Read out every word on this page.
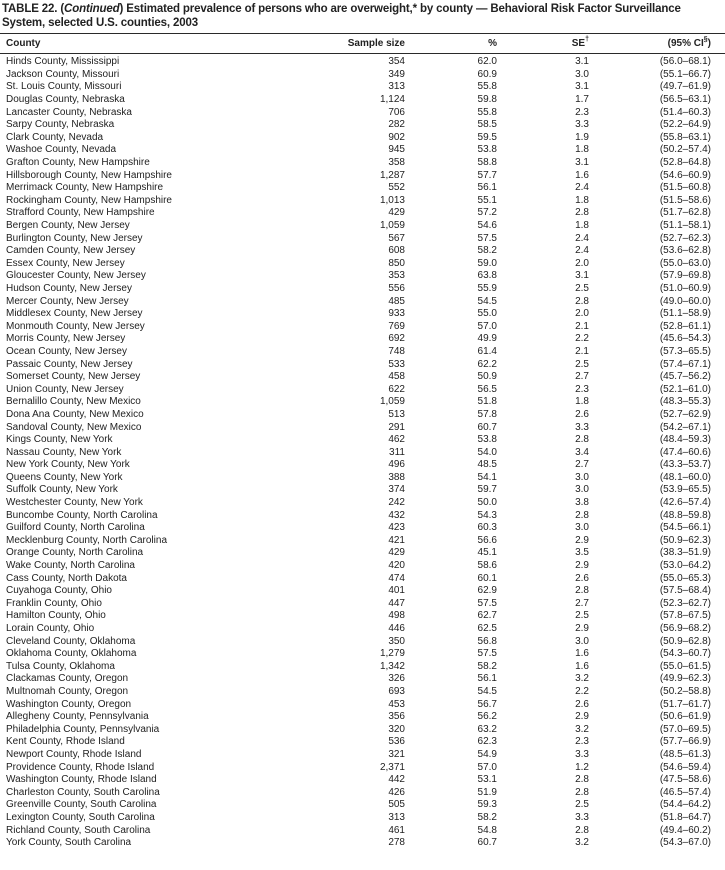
TABLE 22. (Continued) Estimated prevalence of persons who are overweight,* by county — Behavioral Risk Factor Surveillance
System, selected U.S. counties, 2003
County	Sample size	%	SE†	(95% CI§)
Hinds County, Mississippi	354	62.0	3.1	(56.0–68.1)
Jackson County, Missouri	349	60.9	3.0	(55.1–66.7)
St. Louis County, Missouri	313	55.8	3.1	(49.7–61.9)
Douglas County, Nebraska	1,124	59.8	1.7	(56.5–63.1)
Lancaster County, Nebraska	706	55.8	2.3	(51.4–60.3)
Sarpy County, Nebraska	282	58.5	3.3	(52.2–64.9)
Clark County, Nevada	902	59.5	1.9	(55.8–63.1)
Washoe County, Nevada	945	53.8	1.8	(50.2–57.4)
Grafton County, New Hampshire	358	58.8	3.1	(52.8–64.8)
Hillsborough County, New Hampshire	1,287	57.7	1.6	(54.6–60.9)
Merrimack County, New Hampshire	552	56.1	2.4	(51.5–60.8)
Rockingham County, New Hampshire	1,013	55.1	1.8	(51.5–58.6)
Strafford County, New Hampshire	429	57.2	2.8	(51.7–62.8)
Bergen County, New Jersey	1,059	54.6	1.8	(51.1–58.1)
Burlington County, New Jersey	567	57.5	2.4	(52.7–62.3)
Camden County, New Jersey	608	58.2	2.4	(53.6–62.8)
Essex County, New Jersey	850	59.0	2.0	(55.0–63.0)
Gloucester County, New Jersey	353	63.8	3.1	(57.9–69.8)
Hudson County, New Jersey	556	55.9	2.5	(51.0–60.9)
Mercer County, New Jersey	485	54.5	2.8	(49.0–60.0)
Middlesex County, New Jersey	933	55.0	2.0	(51.1–58.9)
Monmouth County, New Jersey	769	57.0	2.1	(52.8–61.1)
Morris County, New Jersey	692	49.9	2.2	(45.6–54.3)
Ocean County, New Jersey	748	61.4	2.1	(57.3–65.5)
Passaic County, New Jersey	533	62.2	2.5	(57.4–67.1)
Somerset County, New Jersey	458	50.9	2.7	(45.7–56.2)
Union County, New Jersey	622	56.5	2.3	(52.1–61.0)
Bernalillo County, New Mexico	1,059	51.8	1.8	(48.3–55.3)
Dona Ana County, New Mexico	513	57.8	2.6	(52.7–62.9)
Sandoval County, New Mexico	291	60.7	3.3	(54.2–67.1)
Kings County, New York	462	53.8	2.8	(48.4–59.3)
Nassau County, New York	311	54.0	3.4	(47.4–60.6)
New York County, New York	496	48.5	2.7	(43.3–53.7)
Queens County, New York	388	54.1	3.0	(48.1–60.0)
Suffolk County, New York	374	59.7	3.0	(53.9–65.5)
Westchester County, New York	242	50.0	3.8	(42.6–57.4)
Buncombe County, North Carolina	432	54.3	2.8	(48.8–59.8)
Guilford County, North Carolina	423	60.3	3.0	(54.5–66.1)
Mecklenburg County, North Carolina	421	56.6	2.9	(50.9–62.3)
Orange County, North Carolina	429	45.1	3.5	(38.3–51.9)
Wake County, North Carolina	420	58.6	2.9	(53.0–64.2)
Cass County, North Dakota	474	60.1	2.6	(55.0–65.3)
Cuyahoga County, Ohio	401	62.9	2.8	(57.5–68.4)
Franklin County, Ohio	447	57.5	2.7	(52.3–62.7)
Hamilton County, Ohio	498	62.7	2.5	(57.8–67.5)
Lorain County, Ohio	446	62.5	2.9	(56.9–68.2)
Cleveland County, Oklahoma	350	56.8	3.0	(50.9–62.8)
Oklahoma County, Oklahoma	1,279	57.5	1.6	(54.3–60.7)
Tulsa County, Oklahoma	1,342	58.2	1.6	(55.0–61.5)
Clackamas County, Oregon	326	56.1	3.2	(49.9–62.3)
Multnomah County, Oregon	693	54.5	2.2	(50.2–58.8)
Washington County, Oregon	453	56.7	2.6	(51.7–61.7)
Allegheny County, Pennsylvania	356	56.2	2.9	(50.6–61.9)
Philadelphia County, Pennsylvania	320	63.2	3.2	(57.0–69.5)
Kent County, Rhode Island	536	62.3	2.3	(57.7–66.9)
Newport County, Rhode Island	321	54.9	3.3	(48.5–61.3)
Providence County, Rhode Island	2,371	57.0	1.2	(54.6–59.4)
Washington County, Rhode Island	442	53.1	2.8	(47.5–58.6)
Charleston County, South Carolina	426	51.9	2.8	(46.5–57.4)
Greenville County, South Carolina	505	59.3	2.5	(54.4–64.2)
Lexington County, South Carolina	313	58.2	3.3	(51.8–64.7)
Richland County, South Carolina	461	54.8	2.8	(49.4–60.2)
York County, South Carolina	278	60.7	3.2	(54.3–67.0)
